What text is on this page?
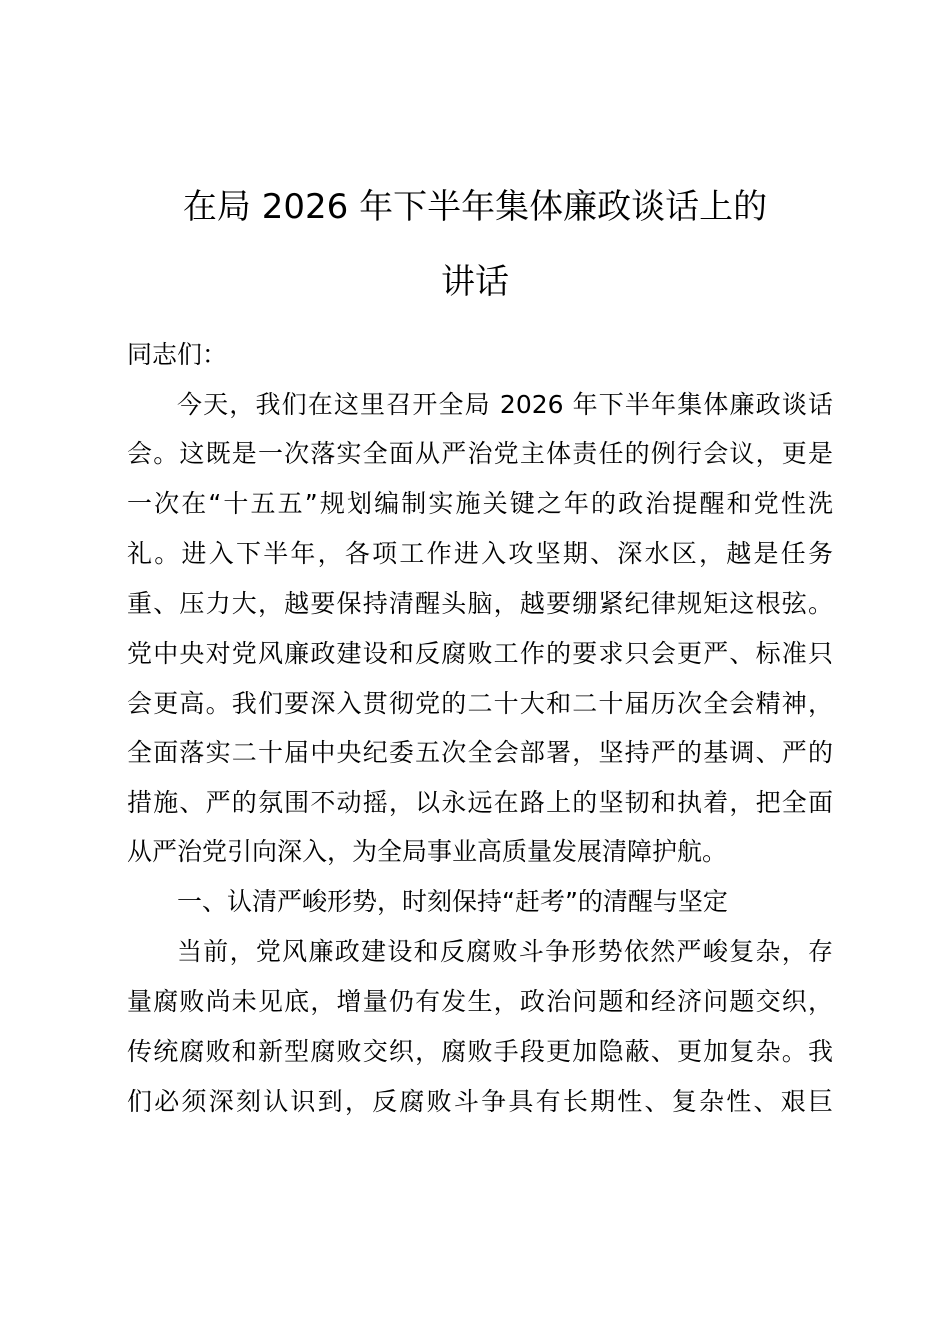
在局 2026 年下半年集体廉政谈话上的
讲话
同志们：
今天，我们在这里召开全局 2026 年下半年集体廉政谈话
会。这既是一次落实全面从严治党主体责任的例行会议，更是
一次在“十五五”规划编制实施关键之年的政治提醒和党性洗
礼。进入下半年，各项工作进入攻坚期、深水区，越是任务
重、压力大，越要保持清醒头脑，越要绷紧纪律规矩这根弦。
党中央对党风廉政建设和反腐败工作的要求只会更严、标准只
会更高。我们要深入贯彻党的二十大和二十届历次全会精神，
全面落实二十届中央纪委五次全会部署，坚持严的基调、严的
措施、严的氛围不动摇，以永远在路上的坚韧和执着，把全面
从严治党引向深入，为全局事业高质量发展清障护航。
一、认清严峻形势，时刻保持“赶考”的清醒与坚定
当前，党风廉政建设和反腐败斗争形势依然严峻复杂，存
量腐败尚未见底，增量仍有发生，政治问题和经济问题交织，
传统腐败和新型腐败交织，腐败手段更加隐蔽、更加复杂。我
们必须深刻认识到，反腐败斗争具有长期性、复杂性、艰巨
